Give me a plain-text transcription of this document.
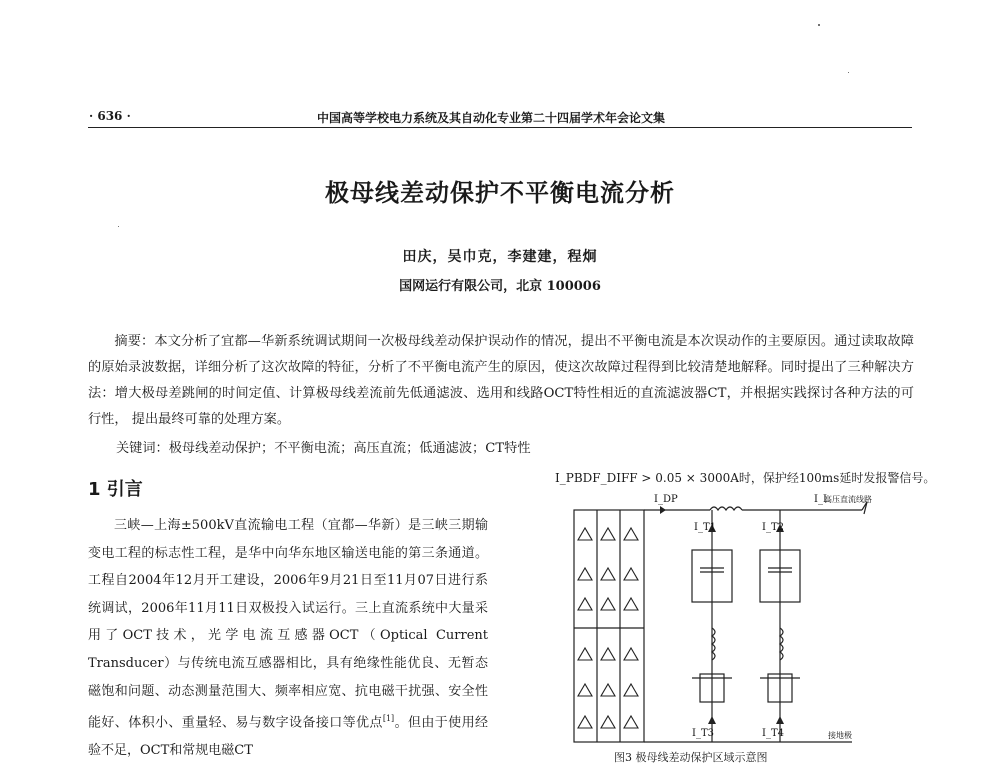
· 636 ·	中国高等学校电力系统及其自动化专业第二十四届学术年会论文集
极母线差动保护不平衡电流分析
田庆，吴巾克，李建建，程炯
国网运行有限公司，北京 100006

摘要：本文分析了宜都—华新系统调试期间一次极母线差动保护误动作的情况，提出不平衡电流是本次误动作的主要原因。通过读取故障的原始录波数据，详细分析了这次故障的特征，分析了不平衡电流产生的原因，使这次故障过程得到比较清楚地解释。同时提出了三种解决方法：增大极母差跳闸的时间定值、计算极母线差流前先低通滤波、选用和线路OCT特性相近的直流滤波器CT，并根据实践探讨各种方法的可行性， 提出最终可靠的处理方案。

关键词：极母线差动保护；不平衡电流；高压直流；低通滤波；CT特性
1 引言

三峡—上海±500kV直流输电工程（宜都—华新）是三峡三期输变电工程的标志性工程，是华中向华东地区输送电能的第三条通道。工程自2004年12月开工建设，2006年9月21日至11月07日进行系统调试，2006年11月11日双极投入试运行。三上直流系统中大量采用了OCT技术，光学电流互感器OCT（Optical Current Transducer）与传统电流互感器相比，具有绝缘性能优良、无暂态磁饱和问题、动态测量范围大、频率相应宽、抗电磁干扰强、安全性能好、体积小、重量轻、易与数字设备接口等优点[1]。但由于使用经验不足，OCT和常规电磁CT

I_PBDF_DIFF > 0.05 × 3000A时，保护经100ms延时发报警信号。
I_DP	I_L
高压直流线路
I_T1	I_T2
I_T3	I_T4	接地极
图3 极母线差动保护区域示意图
